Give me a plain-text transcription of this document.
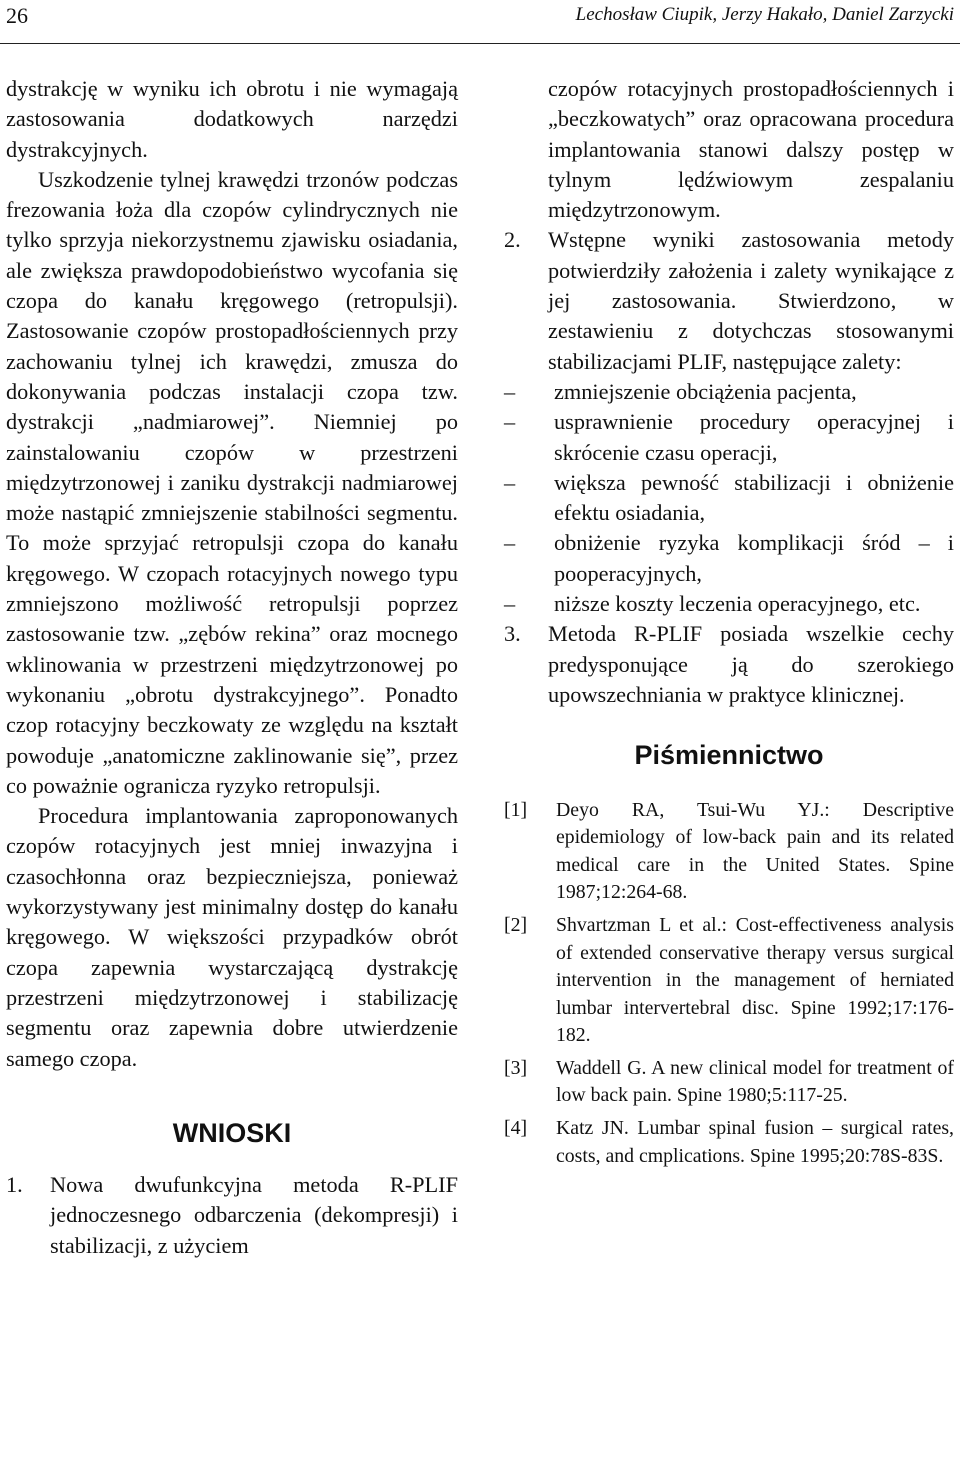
26	Lechosław Ciupik, Jerzy Hakało, Daniel Zarzycki

dystrakcję w wyniku ich obrotu i nie wymagają zastosowania dodatkowych narzędzi dystrakcyjnych.

Uszkodzenie tylnej krawędzi trzonów podczas frezowania łoża dla czopów cylindrycznych nie tylko sprzyja niekorzystnemu zjawisku osiadania, ale zwiększa prawdopodobieństwo wycofania się czopa do kanału kręgowego (retropulsji). Zastosowanie czopów prostopadłościennych przy zachowaniu tylnej ich krawędzi, zmusza do dokonywania podczas instalacji czopa tzw. dystrakcji „nadmiarowej”. Niemniej po zainstalowaniu czopów w przestrzeni międzytrzonowej i zaniku dystrakcji nadmiarowej może nastąpić zmniejszenie stabilności segmentu. To może sprzyjać retropulsji czopa do kanału kręgowego. W czopach rotacyjnych nowego typu zmniejszono możliwość retropulsji poprzez zastosowanie tzw. „zębów rekina” oraz mocnego wklinowania w przestrzeni międzytrzonowej po wykonaniu „obrotu dystrakcyjnego”. Ponadto czop rotacyjny beczkowaty ze względu na kształt powoduje „anatomiczne zaklinowanie się”, przez co poważnie ogranicza ryzyko retropulsji.

Procedura implantowania zaproponowanych czopów rotacyjnych jest mniej inwazyjna i czasochłonna oraz bezpieczniejsza, ponieważ wykorzystywany jest minimalny dostęp do kanału kręgowego. W większości przypadków obrót czopa zapewnia wystarczającą dystrakcję przestrzeni międzytrzonowej i stabilizację segmentu oraz zapewnia dobre utwierdzenie samego czopa.

WNIOSKI
1. Nowa dwufunkcyjna metoda R-PLIF jednoczesnego odbarczenia (dekompresji) i stabilizacji, z użyciem
czopów rotacyjnych prostopadłościennych i „beczkowatych” oraz opracowana procedura implantowania stanowi dalszy postęp w tylnym lędźwiowym zespalaniu międzytrzonowym.
2. Wstępne wyniki zastosowania metody potwierdziły założenia i zalety wynikające z jej zastosowania. Stwierdzono, w zestawieniu z dotychczas stosowanymi stabilizacjami PLIF, następujące zalety:
– zmniejszenie obciążenia pacjenta,
– usprawnienie procedury operacyjnej i skrócenie czasu operacji,
– większa pewność stabilizacji i obniżenie efektu osiadania,
– obniżenie ryzyka komplikacji śród – i pooperacyjnych,
– niższe koszty leczenia operacyjnego, etc.
3. Metoda R-PLIF posiada wszelkie cechy predysponujące ją do szerokiego upowszechniania w praktyce klinicznej.
Piśmiennictwo
[1] Deyo RA, Tsui-Wu YJ.: Descriptive epidemiology of low-back pain and its related medical care in the United States. Spine 1987;12:264-68.
[2] Shvartzman L et al.: Cost-effectiveness analysis of extended conservative therapy versus surgical intervention in the management of herniated lumbar intervertebral disc. Spine 1992;17:176-182.
[3] Waddell G. A new clinical model for treatment of low back pain. Spine 1980;5:117-25.
[4] Katz JN. Lumbar spinal fusion – surgical rates, costs, and cmplications. Spine 1995;20:78S-83S.
